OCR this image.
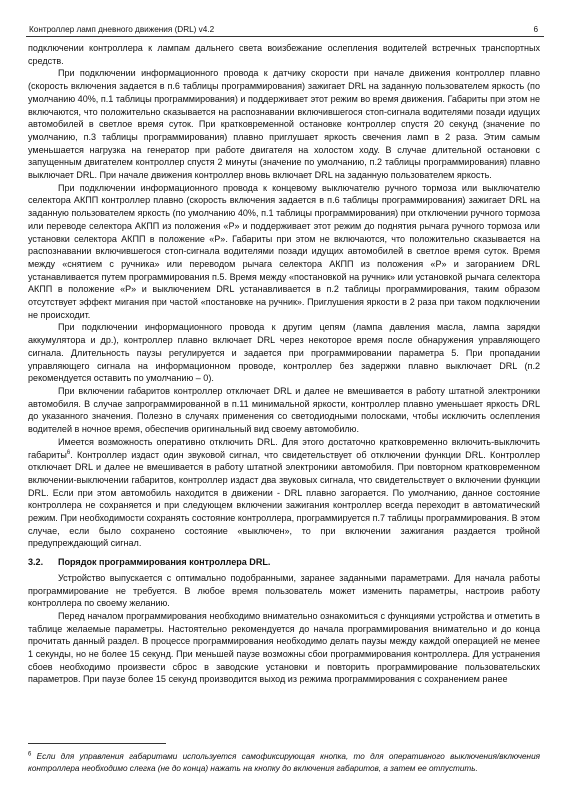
Контроллер ламп дневного движения (DRL) v4.2	6

подключении контроллера к лампам дальнего света воизбежание ослепления водителей встречных транспортных средств.

При подключении информационного провода к датчику скорости при начале движения контроллер плавно (скорость включения задается в п.6 таблицы программирования) зажигает DRL на заданную пользователем яркость (по умолчанию 40%, п.1 таблицы программирования) и поддерживает этот режим во время движения. Габариты при этом не включаются, что положительно сказывается на распознавании включившегося стоп-сигнала водителями позади идущих автомобилей в светлое время суток. При кратковременной остановке контроллер спустя 20 секунд (значение по умолчанию, п.3 таблицы программирования) плавно приглушает яркость свечения ламп в 2 раза. Этим самым уменьшается нагрузка на генератор при работе двигателя на холостом ходу. В случае длительной остановки с запущенным двигателем контроллер спустя 2 минуты (значение по умолчанию, п.2 таблицы программирования) плавно выключает DRL. При начале движения контроллер вновь включает DRL на заданную пользователем яркость.

При подключении информационного провода к концевому выключателю ручного тормоза или выключателю селектора АКПП контроллер плавно (скорость включения задается в п.6 таблицы программирования) зажигает DRL на заданную пользователем яркость (по умолчанию 40%, п.1 таблицы программирования) при отключении ручного тормоза или переводе селектора АКПП из положения «P» и поддерживает этот режим до поднятия рычага ручного тормоза или установки селектора АКПП в положение «P». Габариты при этом не включаются, что положительно сказывается на распознавании включившегося стоп-сигнала водителями позади идущих автомобилей в светлое время суток. Время между «снятием с ручника» или переводом рычага селектора АКПП из положения «P» и загоранием DRL устанавливается путем программирования п.5. Время между «постановкой на ручник» или установкой рычага селектора АКПП в положение «P» и выключением DRL устанавливается в п.2 таблицы программирования, таким образом отсутствует эффект мигания при частой «постановке на ручник». Приглушения яркости в 2 раза при таком подключении не происходит.

При подключении информационного провода к другим цепям (лампа давления масла, лампа зарядки аккумулятора и др.), контроллер плавно включает DRL через некоторое время после обнаружения управляющего сигнала. Длительность паузы регулируется и задается при программировании параметра 5. При пропадании управляющего сигнала на информационном проводе, контроллер без задержки плавно выключает DRL (п.2 рекомендуется оставить по умолчанию – 0).

При включении габаритов контроллер отключает DRL и далее не вмешивается в работу штатной электроники автомобиля. В случае запрограммированной в п.11 минимальной яркости, контроллер плавно уменьшает яркость DRL до указанного значения. Полезно в случаях применения со светодиодными полосками, чтобы исключить ослепления водителей в ночное время, обеспечив оригинальный вид своему автомобилю.

Имеется возможность оперативно отключить DRL. Для этого достаточно кратковременно включить-выключить габариты$^6$. Контроллер издаст один звуковой сигнал, что свидетельствует об отключении функции DRL. Контроллер отключает DRL и далее не вмешивается в работу штатной электроники автомобиля. При повторном кратковременном включении-выключении габаритов, контроллер издаст два звуковых сигнала, что свидетельствует о включении функции DRL. Если при этом автомобиль находится в движении - DRL плавно загорается. По умолчанию, данное состояние контроллера не сохраняется и при следующем включении зажигания контроллер всегда переходит в автоматический режим. При необходимости сохранять состояние контроллера, программируется п.7 таблицы программирования. В этом случае, если было сохранено состояние «выключен», то при включении зажигания раздается тройной предупреждающий сигнал.

3.2. Порядок программирования контроллера DRL.

Устройство выпускается с оптимально подобранными, заранее заданными параметрами. Для начала работы программирование не требуется. В любое время пользователь может изменить параметры, настроив работу контроллера по своему желанию.

Перед началом программирования необходимо внимательно ознакомиться с функциями устройства и отметить в таблице желаемые параметры. Настоятельно рекомендуется до начала программирования внимательно и до конца прочитать данный раздел. В процессе программирования необходимо делать паузы между каждой операцией не менее 1 секунды, но не более 15 секунд. При меньшей паузе возможны сбои программирования контроллера. Для устранения сбоев необходимо произвести сброс в заводские установки и повторить программирование пользовательских параметров. При паузе более 15 секунд производится выход из режима программирования с сохранением ранее

$^6$ Если для управления габаритами используется самофиксирующая кнопка, то для оперативного выключения/включения контроллера необходимо слегка (не до конца) нажать на кнопку до включения габаритов, а затем ее отпустить.
